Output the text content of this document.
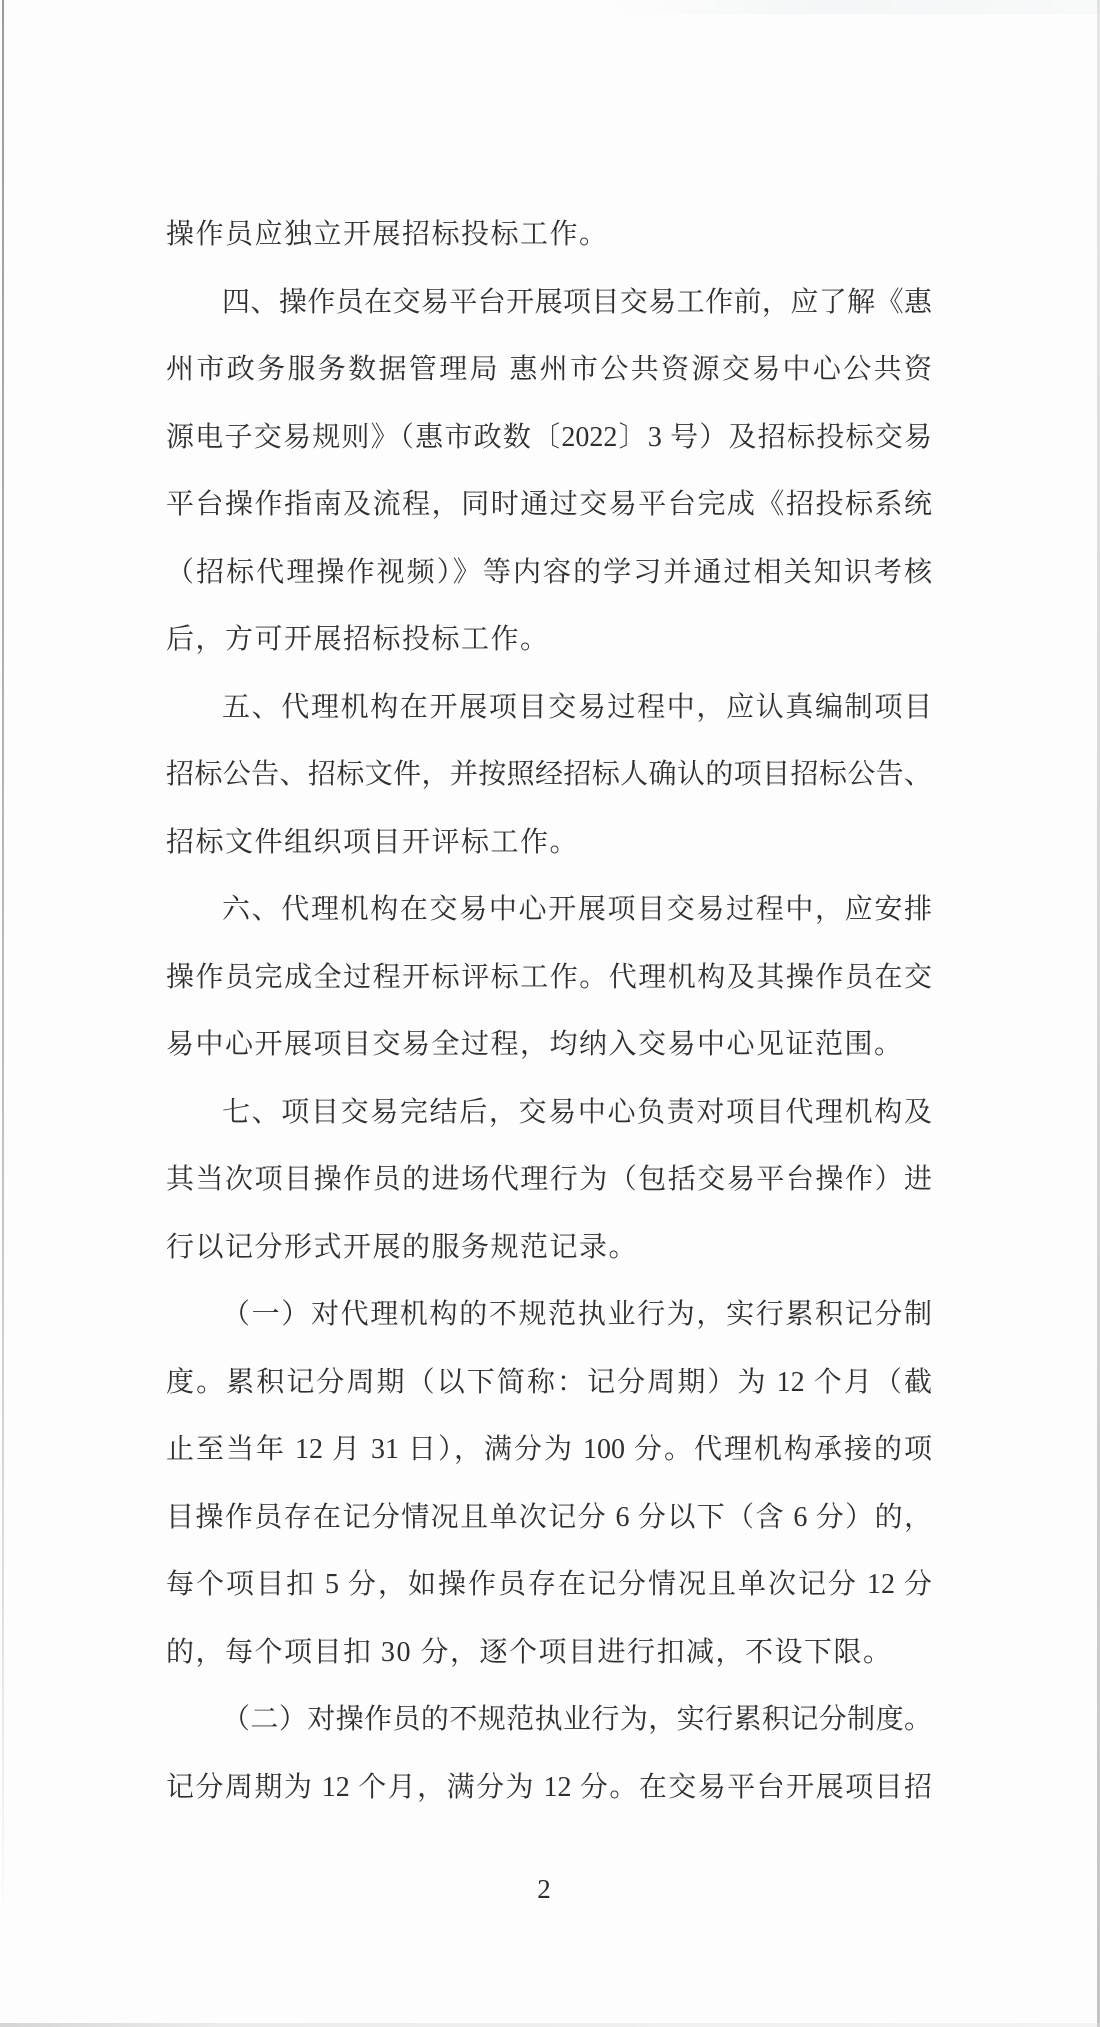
操作员应独立开展招标投标工作。
四、操作员在交易平台开展项目交易工作前，应了解《惠
州市政务服务数据管理局 惠州市公共资源交易中心公共资
源电子交易规则》（惠市政数〔2022〕3 号）及招标投标交易
平台操作指南及流程，同时通过交易平台完成《招投标系统
（招标代理操作视频）》等内容的学习并通过相关知识考核
后，方可开展招标投标工作。
五、代理机构在开展项目交易过程中，应认真编制项目
招标公告、招标文件，并按照经招标人确认的项目招标公告、
招标文件组织项目开评标工作。
六、代理机构在交易中心开展项目交易过程中，应安排
操作员完成全过程开标评标工作。代理机构及其操作员在交
易中心开展项目交易全过程，均纳入交易中心见证范围。
七、项目交易完结后，交易中心负责对项目代理机构及
其当次项目操作员的进场代理行为（包括交易平台操作）进
行以记分形式开展的服务规范记录。
（一）对代理机构的不规范执业行为，实行累积记分制
度。累积记分周期（以下简称：记分周期）为 12 个月（截
止至当年 12 月 31 日），满分为 100 分。代理机构承接的项
目操作员存在记分情况且单次记分 6 分以下（含 6 分）的，
每个项目扣 5 分，如操作员存在记分情况且单次记分 12 分
的，每个项目扣 30 分，逐个项目进行扣减，不设下限。
（二）对操作员的不规范执业行为，实行累积记分制度。
记分周期为 12 个月，满分为 12 分。在交易平台开展项目招
2
